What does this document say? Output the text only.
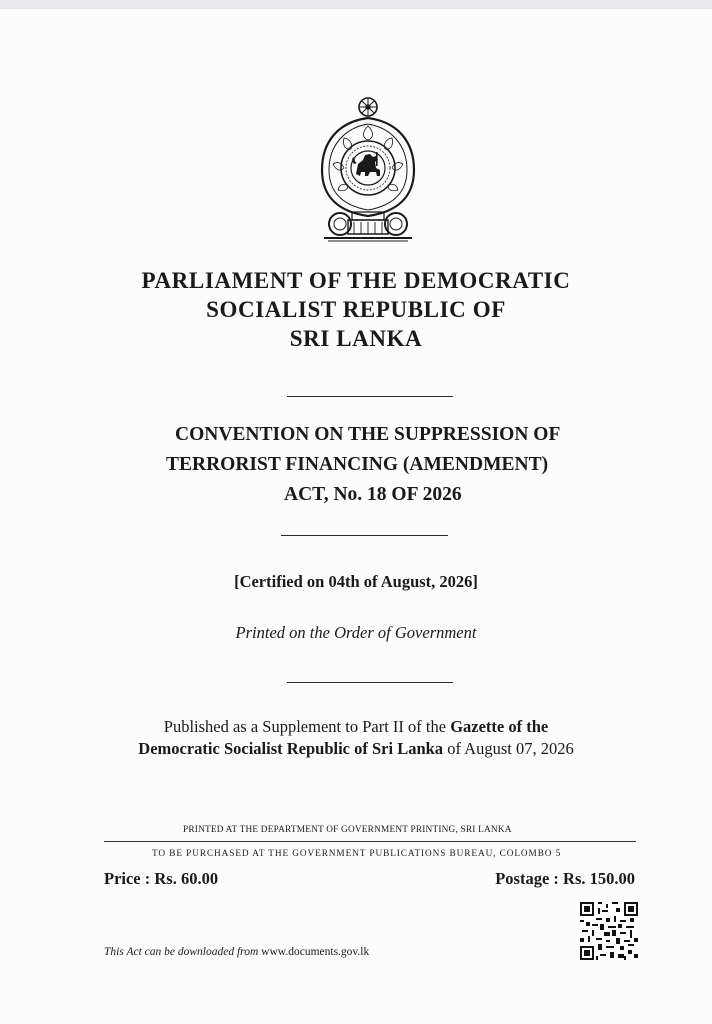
PARLIAMENT OF THE DEMOCRATIC
SOCIALIST REPUBLIC OF
SRI LANKA
CONVENTION ON THE SUPPRESSION OF
TERRORIST FINANCING (AMENDMENT)
ACT, No. 18 OF 2026
[Certified on 04th of August, 2026]
Printed on the Order of Government
Published as a Supplement to Part II of the Gazette of the
Democratic Socialist Republic of Sri Lanka of August 07, 2026
PRINTED AT THE DEPARTMENT OF GOVERNMENT PRINTING, SRI LANKA
TO BE PURCHASED AT THE GOVERNMENT PUBLICATIONS BUREAU, COLOMBO 5
Price : Rs. 60.00	Postage : Rs. 150.00
This Act can be downloaded from www.documents.gov.lk
